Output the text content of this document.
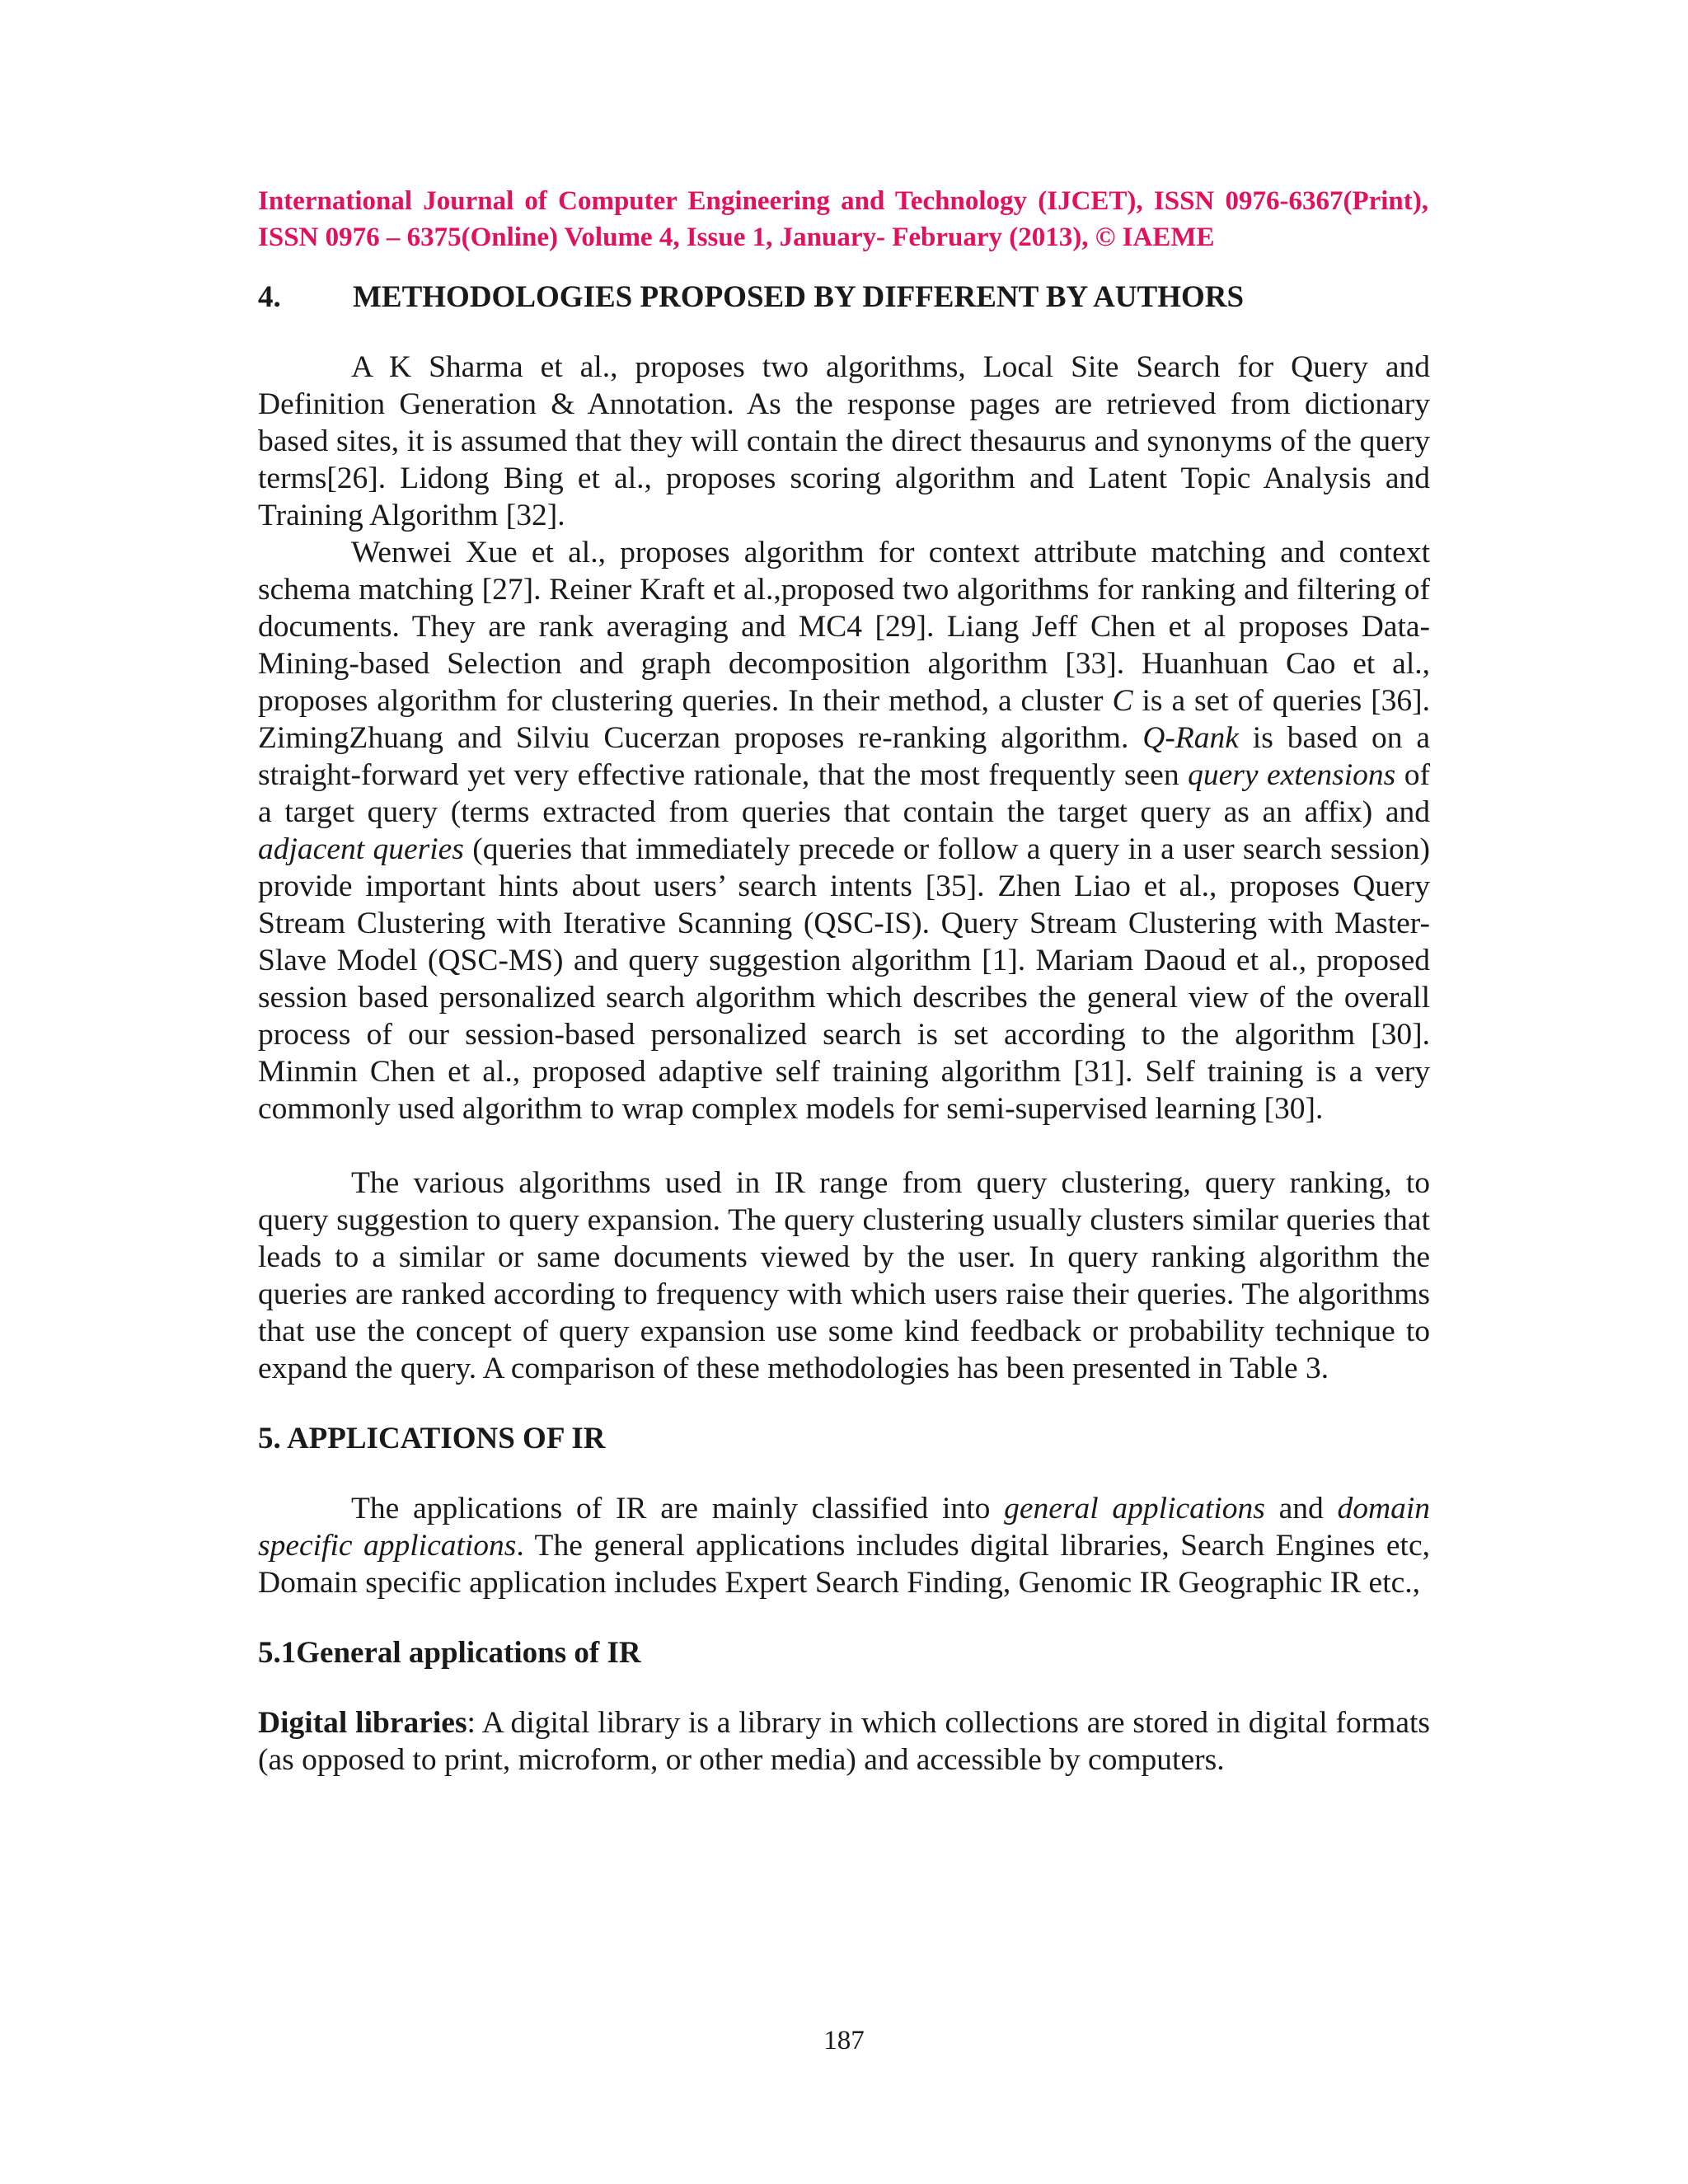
International Journal of Computer Engineering and Technology (IJCET), ISSN 0976-6367(Print), ISSN 0976 – 6375(Online) Volume 4, Issue 1, January- February (2013), © IAEME
4. METHODOLOGIES PROPOSED BY DIFFERENT BY AUTHORS

A K Sharma et al., proposes two algorithms, Local Site Search for Query and Definition Generation & Annotation. As the response pages are retrieved from dictionary based sites, it is assumed that they will contain the direct thesaurus and synonyms of the query terms[26]. Lidong Bing et al., proposes scoring algorithm and Latent Topic Analysis and Training Algorithm [32].

Wenwei Xue et al., proposes algorithm for context attribute matching and context schema matching [27]. Reiner Kraft et al.,proposed two algorithms for ranking and filtering of documents. They are rank averaging and MC4 [29]. Liang Jeff Chen et al proposes Data-Mining-based Selection and graph decomposition algorithm [33]. Huanhuan Cao et al., proposes algorithm for clustering queries. In their method, a cluster C is a set of queries [36]. ZimingZhuang and Silviu Cucerzan proposes re-ranking algorithm. Q-Rank is based on a straight-forward yet very effective rationale, that the most frequently seen query extensions of a target query (terms extracted from queries that contain the target query as an affix) and adjacent queries (queries that immediately precede or follow a query in a user search session) provide important hints about users’ search intents [35]. Zhen Liao et al., proposes Query Stream Clustering with Iterative Scanning (QSC-IS). Query Stream Clustering with Master-Slave Model (QSC-MS) and query suggestion algorithm [1]. Mariam Daoud et al., proposed session based personalized search algorithm which describes the general view of the overall process of our session-based personalized search is set according to the algorithm [30]. Minmin Chen et al., proposed adaptive self training algorithm [31]. Self training is a very commonly used algorithm to wrap complex models for semi-supervised learning [30].

The various algorithms used in IR range from query clustering, query ranking, to query suggestion to query expansion. The query clustering usually clusters similar queries that leads to a similar or same documents viewed by the user. In query ranking algorithm the queries are ranked according to frequency with which users raise their queries. The algorithms that use the concept of query expansion use some kind feedback or probability technique to expand the query. A comparison of these methodologies has been presented in Table 3.

5. APPLICATIONS OF IR

The applications of IR are mainly classified into general applications and domain specific applications. The general applications includes digital libraries, Search Engines etc, Domain specific application includes Expert Search Finding, Genomic IR Geographic IR etc.,

5.1General applications of IR

Digital libraries: A digital library is a library in which collections are stored in digital formats (as opposed to print, microform, or other media) and accessible by computers.

187
